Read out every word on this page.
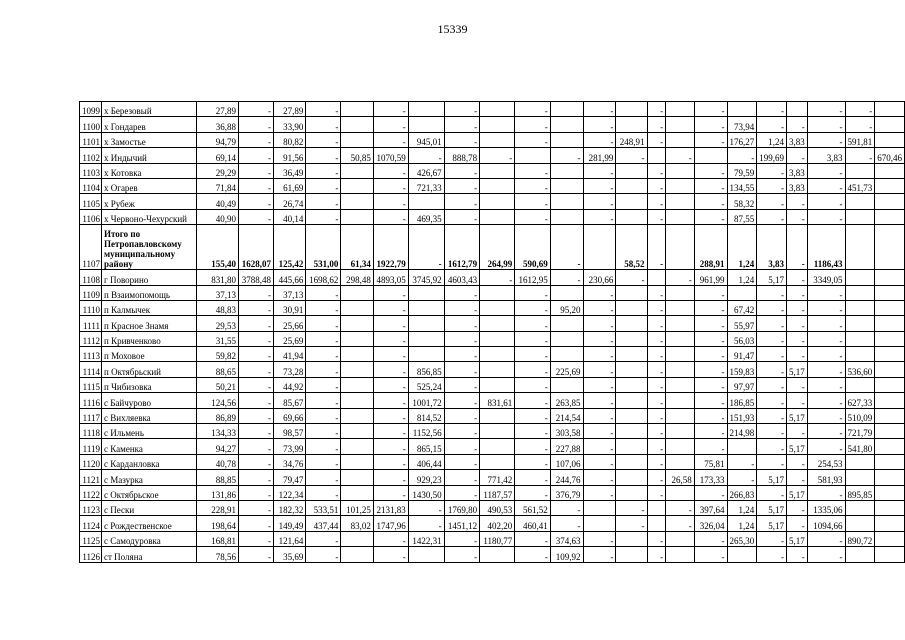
15339
1099	х Березовый	27,89	-	27,89	-		-		-		-		-		-		-		-		-	-	
1100	х Гондарев	36,88	-	33,90	-		-		-		-		-		-		-	73,94	-	-	-	-	
1101	х Замостье	94,79	-	80,82	-		-	945,01	-		-		-	248,91	-		-	176,27	1,24	3,83	-	591,81	
1102	х Индычий	69,14	-	91,56	-	50,85	1070,59	-	888,78	-		-	281,99	-		-		-	199,69	-	3,83	-	670,46
1103	х Котовка	29,29	-	36,49	-		-	426,67	-		-		-		-		-	79,59	-	3,83	-		
1104	х Огарев	71,84	-	61,69	-		-	721,33	-		-		-		-		-	134,55	-	3,83	-	451,73	
1105	х Рубеж	40,49	-	26,74	-		-		-		-		-		-		-	58,32	-	-	-		
1106	х Червоно-Чехурский	40,90	-	40,14	-		-	469,35	-		-		-		-		-	87,55	-	-	-		
1107	Итого по Петропавловскому муниципальному району	155,40	1628,07	125,42	531,00	61,34	1922,79	-	1612,79	264,99	590,69	-		58,52	-		288,91	1,24	3,83	-	1186,43		
1108	г Поворино	831,80	3788,48	445,66	1698,62	298,48	4893,05	3745,92	4603,43	-	1612,95	-	230,66	-		-	961,99	1,24	5,17	-	3349,05		
1109	п Взаимопомощь	37,13	-	37,13	-		-		-		-		-		-		-		-	-	-		
1110	п Калмычек	48,83	-	30,91	-		-		-		-	95,20	-		-		-	67,42	-	-	-		
1111	п Красное Знамя	29,53	-	25,66	-		-		-		-		-		-		-	55,97	-	-	-		
1112	п Кривченково	31,55	-	25,69	-		-		-		-		-		-		-	56,03	-	-	-		
1113	п Моховое	59,82	-	41,94	-		-		-		-		-		-		-	91,47	-	-	-		
1114	п Октябрьский	88,65	-	73,28	-		-	856,85	-		-	225,69	-		-		-	159,83	-	5,17	-	536,60	
1115	п Чибизовка	50,21	-	44,92	-		-	525,24	-		-		-		-		-	97,97	-	-	-		
1116	с Байчурово	124,56	-	85,67	-		-	1001,72	-	831,61	-	263,85	-		-		-	186,85	-	-	-	627,33	
1117	с Вихляевка	86,89	-	69,66	-		-	814,52	-		-	214,54	-		-		-	151,93	-	5,17	-	510,09	
1118	с Ильмень	134,33	-	98,57	-		-	1152,56	-		-	303,58	-		-		-	214,98	-	-	-	721,79	
1119	с Каменка	94,27	-	73,99	-		-	865,15	-		-	227,88	-		-		-		-	5,17	-	541,80	
1120	с Карданловка	40,78	-	34,76	-		-	406,44	-		-	107,06	-		-		75,81	-	-	-	254,53		
1121	с Мазурка	88,85	-	79,47	-		-	929,23	-	771,42	-	244,76	-		-	26,58	173,33	-	5,17	-	581,93		
1122	с Октябрьское	131,86	-	122,34	-		-	1430,50	-	1187,57	-	376,79	-		-		-	266,83	-	5,17	-	895,85	
1123	с Пески	228,91	-	182,32	533,51	101,25	2131,83	-	1769,80	490,53	561,52	-		-		-	397,64	1,24	5,17	-	1335,06		
1124	с Рождественское	198,64	-	149,49	437,44	83,02	1747,96	-	1451,12	402,20	460,41	-		-		-	326,04	1,24	5,17	-	1094,66		
1125	с Самодуровка	168,81	-	121,64	-		-	1422,31	-	1180,77	-	374,63	-		-		-	265,30	-	5,17	-	890,72	
1126	ст Поляна	78,56	-	35,69	-		-		-		-	109,92	-		-		-		-	-	-		
